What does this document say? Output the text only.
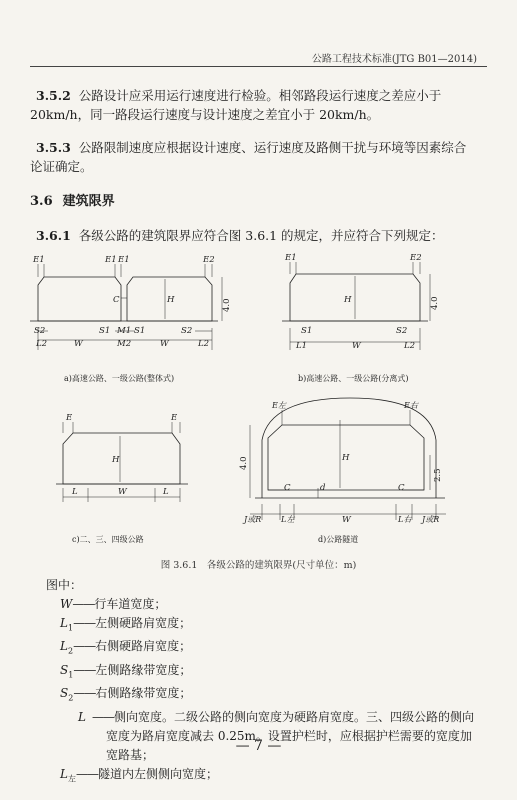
公路工程技术标准(JTG B01—2014)
3.5.2 公路设计应采用运行速度进行检验。相邻路段运行速度之差应小于 20km/h，同一路段运行速度与设计速度之差宜小于 20km/h。
3.5.3 公路限制速度应根据设计速度、运行速度及路侧干扰与环境等因素综合论证确定。
3.6 建筑限界
3.6.1 各级公路的建筑限界应符合图 3.6.1 的规定，并应符合下列规定：
E1	E1 E1	E2
C	H	4.0
S2
L2	W
S1 M1
M2
S1
W
S2
L2
a)高速公路、一级公路(整体式)
E1	E2
H	4.0
S1	S2
L1	W	L2
b)高速公路、一级公路(分离式)
E	E
H
L	W	L
c)二、三、四级公路
E左	E右
H
4.0
2.5
C	C
d
J或R L左	W	L右 J或R
d)公路隧道
图 3.6.1　各级公路的建筑限界(尺寸单位：m)
图中：
W——行车道宽度；
$L_1——$左侧硬路肩宽度；
$L_2——$右侧硬路肩宽度；
$S_1——$左侧路缘带宽度；
$S_2——$右侧路缘带宽度；
L ——侧向宽度。二级公路的侧向宽度为硬路肩宽度。三、四级公路的侧向宽度为路肩宽度减去 0.25m。设置护栏时，应根据护栏需要的宽度加宽路基；
$L_左——$隧道内左侧侧向宽度；
— 7 —
